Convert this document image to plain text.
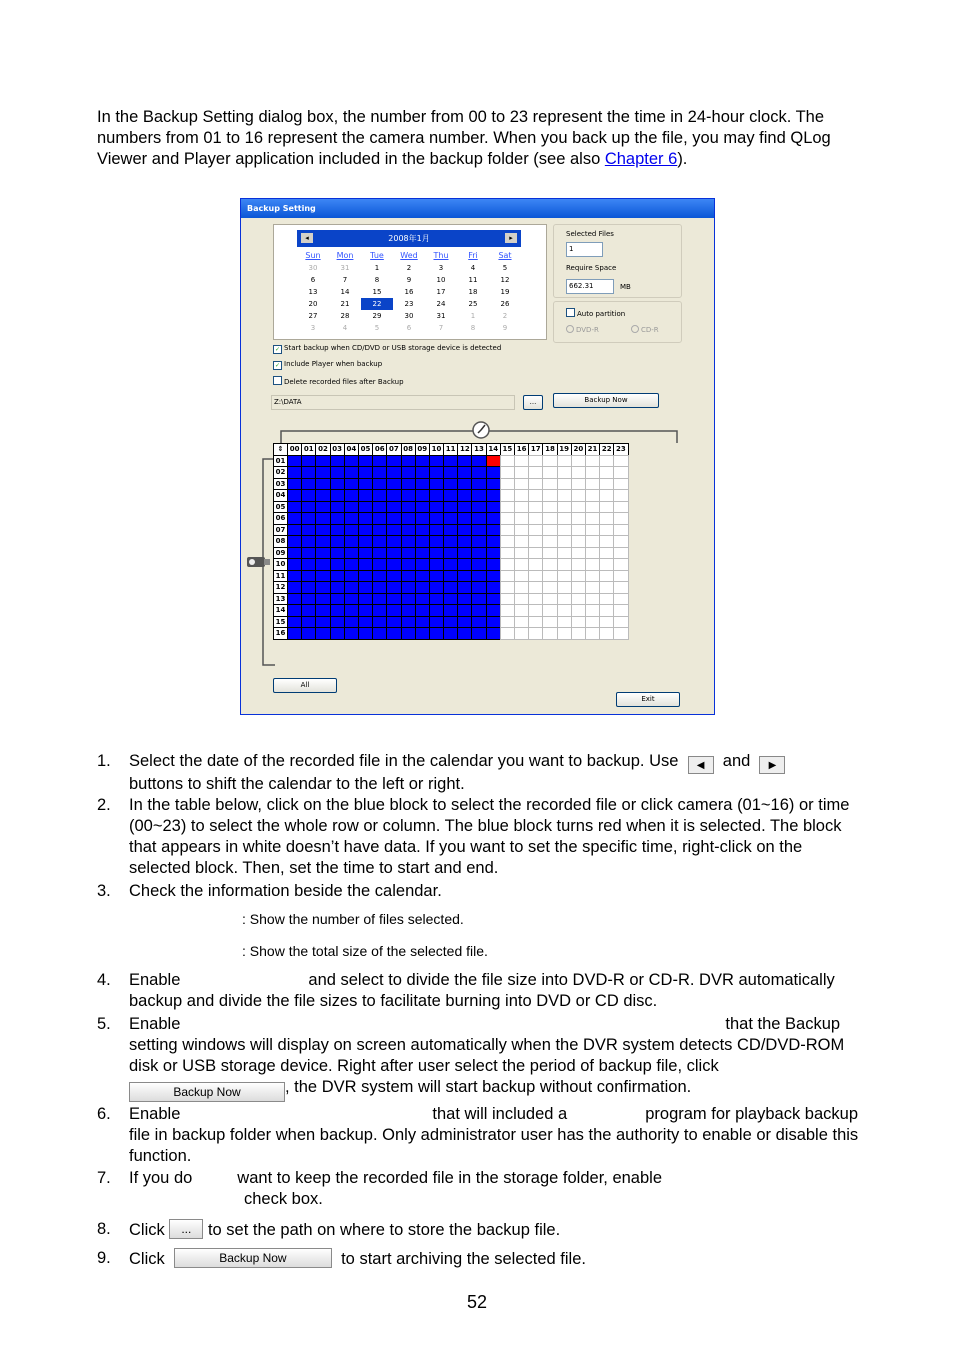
In the Backup Setting dialog box, the number from 00 to 23 represent the time in 24-hour clock. The numbers from 01 to 16 represent the camera number. When you back up the file, you may find QLog Viewer and Player application included in the backup folder (see also Chapter 6).
Backup Setting
◂	2008年1月	▸
Sun	Mon	Tue	Wed	Thu	Fri	Sat
30	31	1	2	3	4	5
6	7	8	9	10	11	12
13	14	15	16	17	18	19
20	21	22	23	24	25	26
27	28	29	30	31	1	2
3	4	5	6	7	8	9
Selected Files
1
Require Space
662.31	MB
Auto partition
DVD-R	CD-R
✓ Start backup when CD/DVD or USB storage device is detected
✓ Include Player when backup
Delete recorded files after Backup
Z:\DATA	...	Backup Now
⇕ 00 01 02 03 04 05 06 07 08 09 10 11 12 13 14 15 16 17 18 19 20 21 22 23
01
02
03
04
05
06
07
08
09
10
11
12
13
14
15
16
All
Exit
1. Select the date of the recorded file in the calendar you want to backup. Use ◀ and ▶
buttons to shift the calendar to the left or right.
2. In the table below, click on the blue block to select the recorded file or click camera (01~16) or time (00~23) to select the whole row or column. The blue block turns red when it is selected. The block that appears in white doesn’t have data. If you want to set the specific time, right-click on the selected block. Then, set the time to start and end.
3. Check the information beside the calendar.
: Show the number of files selected.
: Show the total size of the selected file.
4. Enable	and select to divide the file size into DVD-R or CD-R. DVR automatically backup and divide the file sizes to facilitate burning into DVD or CD disc.
5. Enable	that the Backup
setting windows will display on screen automatically when the DVR system detects CD/DVD-ROM disk or USB storage device. Right after user select the period of backup file, clickBackup Now	, the DVR system will start backup without confirmation.
6. Enable	that will included a	program for playback backup file in backup folder when backup. Only administrator user has the authority to enable or disable this function.
7. If you do	want to keep the recorded file in the storage folder, enable
check box.
8. Click ... to set the path on where to store the backup file.
9. Click	Backup Now	to start archiving the selected file.
52
